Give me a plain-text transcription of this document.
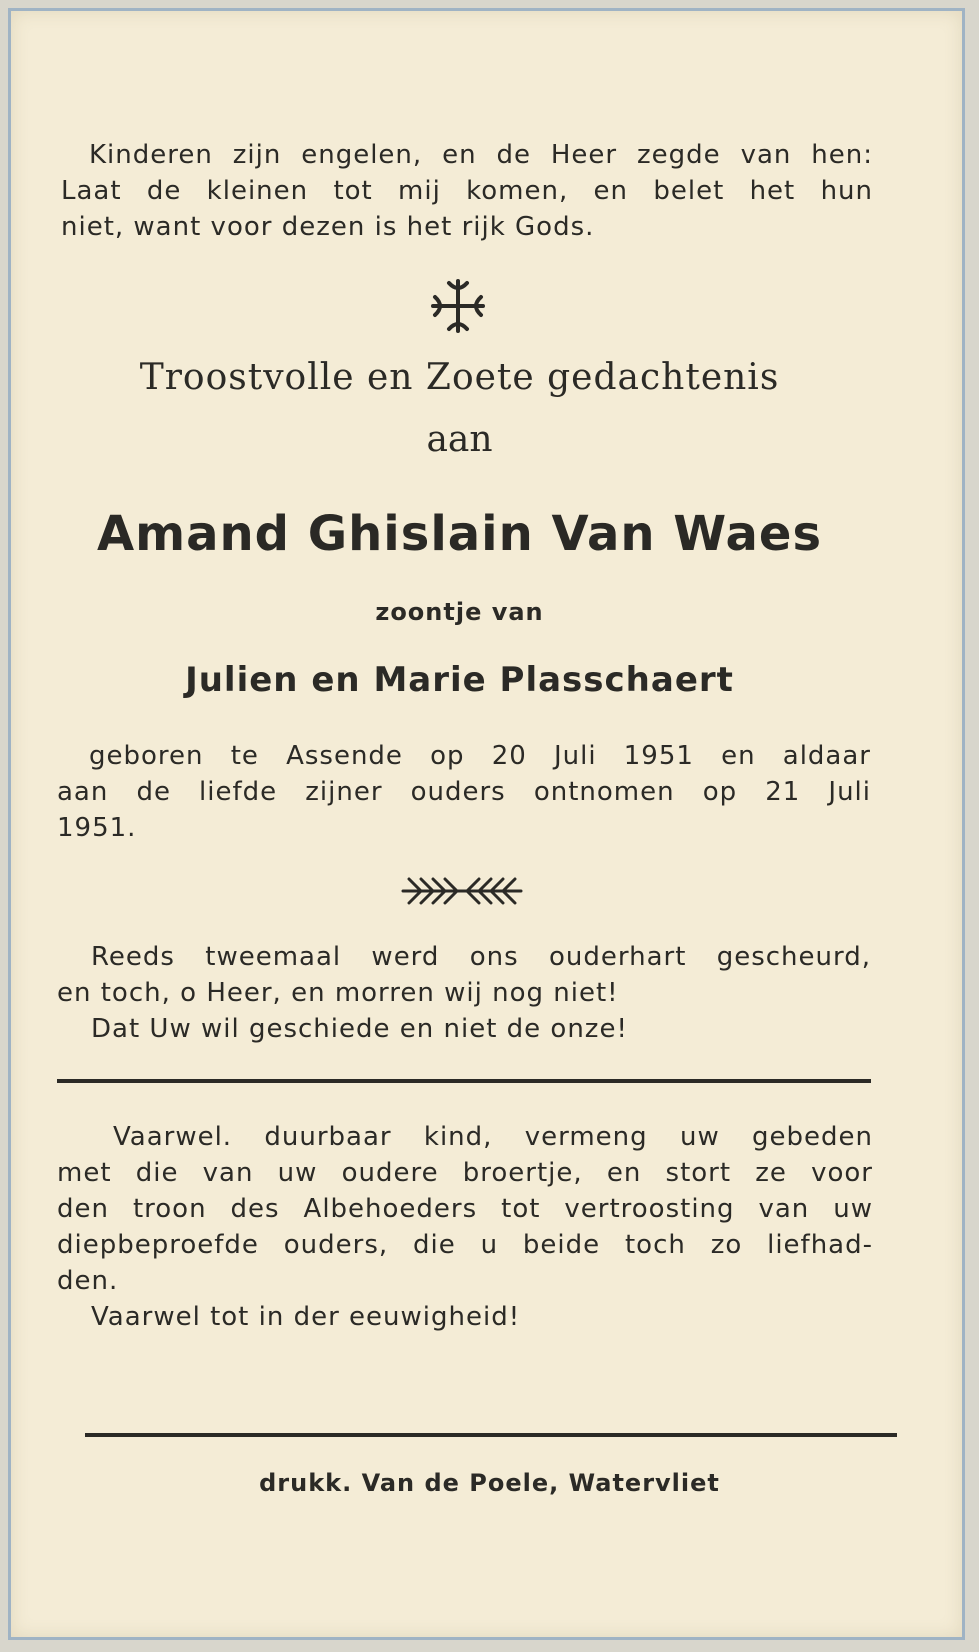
Kinderen zijn engelen, en de Heer zegde van hen:

Laat de kleinen tot mij komen, en belet het hun

niet, want voor dezen is het rijk Gods.

Troostvolle en Zoete gedachtenis
aan
Amand Ghislain Van Waes
zoontje van
Julien en Marie Plasschaert

geboren te Assende op 20 Juli 1951 en aldaar

aan de liefde zijner ouders ontnomen op 21 Juli

1951.

Reeds tweemaal werd ons ouderhart gescheurd,

en toch, o Heer, en morren wij nog niet!

Dat Uw wil geschiede en niet de onze!

Vaarwel. duurbaar kind, vermeng uw gebeden

met die van uw oudere broertje, en stort ze voor

den troon des Albehoeders tot vertroosting van uw

diepbeproefde ouders, die u beide toch zo liefhad-

den.

Vaarwel tot in der eeuwigheid!

drukk. Van de Poele, Watervliet
